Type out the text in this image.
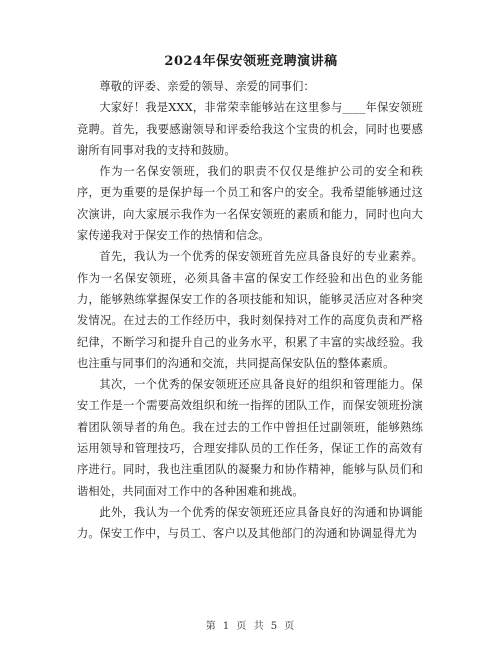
2024年保安领班竞聘演讲稿

尊敬的评委、亲爱的领导、亲爱的同事们：

大家好！我是XXX，非常荣幸能够站在这里参与____年保安领班竞聘。首先，我要感谢领导和评委给我这个宝贵的机会，同时也要感谢所有同事对我的支持和鼓励。

作为一名保安领班，我们的职责不仅仅是维护公司的安全和秩序，更为重要的是保护每一个员工和客户的安全。我希望能够通过这次演讲，向大家展示我作为一名保安领班的素质和能力，同时也向大家传递我对于保安工作的热情和信念。

首先，我认为一个优秀的保安领班首先应具备良好的专业素养。作为一名保安领班，必须具备丰富的保安工作经验和出色的业务能力，能够熟练掌握保安工作的各项技能和知识，能够灵活应对各种突发情况。在过去的工作经历中，我时刻保持对工作的高度负责和严格纪律，不断学习和提升自己的业务水平，积累了丰富的实战经验。我也注重与同事们的沟通和交流，共同提高保安队伍的整体素质。

其次，一个优秀的保安领班还应具备良好的组织和管理能力。保安工作是一个需要高效组织和统一指挥的团队工作，而保安领班扮演着团队领导者的角色。我在过去的工作中曾担任过副领班，能够熟练运用领导和管理技巧，合理安排队员的工作任务，保证工作的高效有序进行。同时，我也注重团队的凝聚力和协作精神，能够与队员们和谐相处，共同面对工作中的各种困难和挑战。

此外，我认为一个优秀的保安领班还应具备良好的沟通和协调能力。保安工作中，与员工、客户以及其他部门的沟通和协调显得尤为

第 1 页 共 5 页
